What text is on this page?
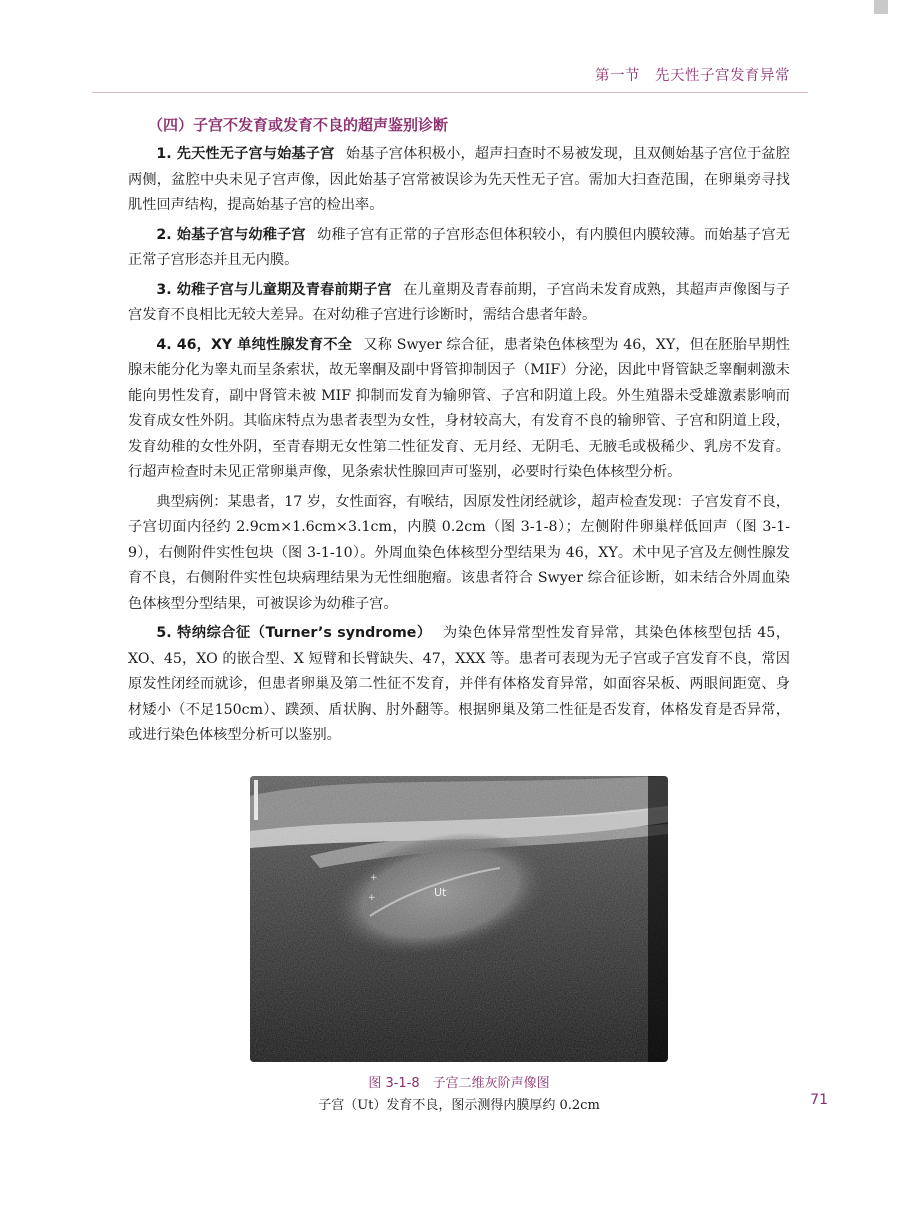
第一节　先天性子宫发育异常
（四）子宫不发育或发育不良的超声鉴别诊断

1. 先天性无子宫与始基子宫 始基子宫体积极小，超声扫查时不易被发现，且双侧始基子宫位于盆腔两侧，盆腔中央未见子宫声像，因此始基子宫常被误诊为先天性无子宫。需加大扫查范围，在卵巢旁寻找肌性回声结构，提高始基子宫的检出率。

2. 始基子宫与幼稚子宫 幼稚子宫有正常的子宫形态但体积较小，有内膜但内膜较薄。而始基子宫无正常子宫形态并且无内膜。

3. 幼稚子宫与儿童期及青春前期子宫 在儿童期及青春前期，子宫尚未发育成熟，其超声声像图与子宫发育不良相比无较大差异。在对幼稚子宫进行诊断时，需结合患者年龄。

4. 46，XY 单纯性腺发育不全 又称 Swyer 综合征，患者染色体核型为 46，XY，但在胚胎早期性腺未能分化为睾丸而呈条索状，故无睾酮及副中肾管抑制因子（MIF）分泌，因此中肾管缺乏睾酮刺激未能向男性发育，副中肾管未被 MIF 抑制而发育为输卵管、子宫和阴道上段。外生殖器未受雄激素影响而发育成女性外阴。其临床特点为患者表型为女性，身材较高大，有发育不良的输卵管、子宫和阴道上段，发育幼稚的女性外阴，至青春期无女性第二性征发育、无月经、无阴毛、无腋毛或极稀少、乳房不发育。行超声检查时未见正常卵巢声像，见条索状性腺回声可鉴别，必要时行染色体核型分析。

典型病例：某患者，17 岁，女性面容，有喉结，因原发性闭经就诊，超声检查发现：子宫发育不良，子宫切面内径约 2.9cm×1.6cm×3.1cm，内膜 0.2cm（图 3-1-8）；左侧附件卵巢样低回声（图 3-1-9），右侧附件实性包块（图 3-1-10）。外周血染色体核型分型结果为 46，XY。术中见子宫及左侧性腺发育不良，右侧附件实性包块病理结果为无性细胞瘤。该患者符合 Swyer 综合征诊断，如未结合外周血染色体核型分型结果，可被误诊为幼稚子宫。

5. 特纳综合征（Turner’s syndrome） 为染色体异常型性发育异常，其染色体核型包括 45，XO、45，XO 的嵌合型、X 短臂和长臂缺失、47，XXX 等。患者可表现为无子宫或子宫发育不良，常因原发性闭经而就诊，但患者卵巢及第二性征不发育，并伴有体格发育异常，如面容呆板、两眼间距宽、身材矮小（不足150cm）、蹼颈、盾状胸、肘外翻等。根据卵巢及第二性征是否发育，体格发育是否异常，或进行染色体核型分析可以鉴别。

+
+	Ut
图 3-1-8　子宫二维灰阶声像图
子宫（Ut）发育不良，图示测得内膜厚约 0.2cm	71
